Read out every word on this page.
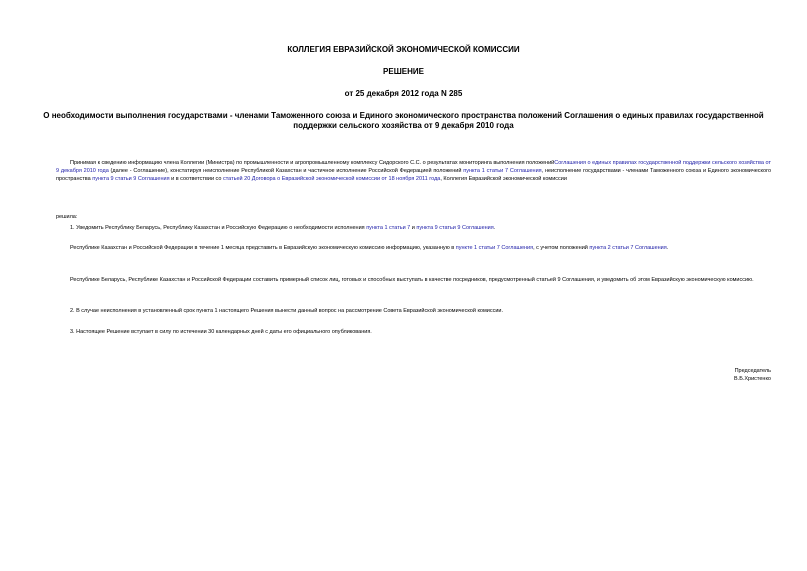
КОЛЛЕГИЯ ЕВРАЗИЙСКОЙ ЭКОНОМИЧЕСКОЙ КОМИССИИ
РЕШЕНИЕ
от 25 декабря 2012 года N 285
О необходимости выполнения государствами - членами Таможенного союза и Единого экономического пространства положений Соглашения о единых правилах государственной поддержки сельского хозяйства от 9 декабря 2010 года
Принимая к сведению информацию члена Коллегии (Министра) по промышленности и агропромышленному комплексу Сидорского С.С. о результатах мониторинга выполнения положенийСоглашения о единых правилах государственной поддержки сельского хозяйства от 9 декабря 2010 года (далее - Соглашение), констатируя неисполнение Республикой Казахстан и частичное исполнение Российской Федерацией положений пункта 1 статьи 7 Соглашения, неисполнение государствами - членами Таможенного союза и Единого экономического пространства пункта 9 статьи 9 Соглашения и в соответствии со статьей 20 Договора о Евразийской экономической комиссии от 18 ноября 2011 года, Коллегия Евразийской экономической комиссии
решила:
1. Уведомить Республику Беларусь, Республику Казахстан и Российскую Федерацию о необходимости исполнения пункта 1 статьи 7 и пункта 9 статьи 9 Соглашения.
Республике Казахстан и Российской Федерации в течение 1 месяца представить в Евразийскую экономическую комиссию информацию, указанную в пункте 1 статьи 7 Соглашения, с учетом положений пункта 2 статьи 7 Соглашения.
Республике Беларусь, Республике Казахстан и Российской Федерации составить примерный список лиц, готовых и способных выступать в качестве посредников, предусмотренный статьей 9 Соглашения, и уведомить об этом Евразийскую экономическую комиссию.
2. В случае неисполнения в установленный срок пункта 1 настоящего Решения вынести данный вопрос на рассмотрение Совета Евразийской экономической комиссии.
3. Настоящее Решение вступает в силу по истечении 30 календарных дней с даты его официального опубликования.
Председатель
В.Б.Христенко
